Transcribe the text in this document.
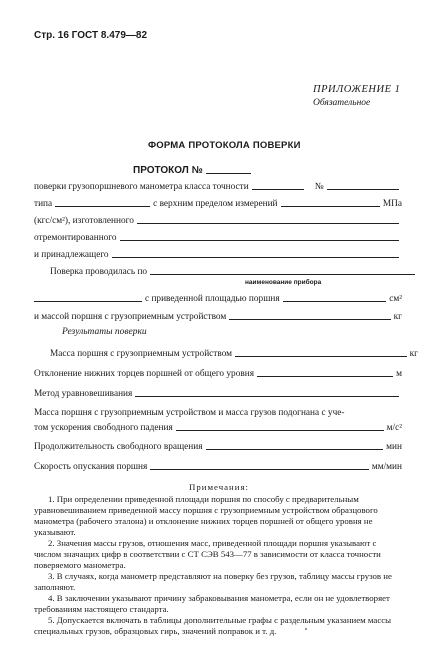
Стр. 16 ГОСТ 8.479—82
ПРИЛОЖЕНИЕ 1
Обязательное
ФОРМА ПРОТОКОЛА ПОВЕРКИ
ПРОТОКОЛ №
поверки грузопоршневого манометра класса точности	№
типа	с верхним пределом измерений	МПа
(кгс/см²), изготовленного
отремонтированного
и принадлежащего
Поверка проводилась по
наименование прибора
с приведенной площадью поршня	см²
и массой поршня с грузоприемным устройством	кг
Результаты поверки
Масса поршня с грузоприемным устройством	кг
Отклонение нижних торцев поршней от общего уровня	м
Метод уравновешивания
Масса поршня с грузоприемным устройством и масса грузов подогнана с уче-
том ускорения свободного падения	м/с²
Продолжительность свободного вращения	мин
Скорость опускания поршня	мм/мин

Примечания:

1. При определении приведенной площади поршня по способу с предварительным уравновешиванием приведенной массу поршня с грузоприемным устройством образцового манометра (рабочего эталона) и отклонение нижних торцев поршней от общего уровня не указывают.

2. Значения массы грузов, отношения масс, приведенной площади поршня указывают с числом значащих цифр в соответствии с СТ СЭВ 543—77 в зависимости от класса точности поверяемого манометра.

3. В случаях, когда манометр представляют на поверку без грузов, таблицу массы грузов не заполняют.

4. В заключении указывают причину забраковывания манометра, если он не удовлетворяет требованиям настоящего стандарта.

5. Допускается включать в таблицы дополнительные графы с раздельным указанием массы специальных грузов, образцовых гирь, значений поправок и т. д.
